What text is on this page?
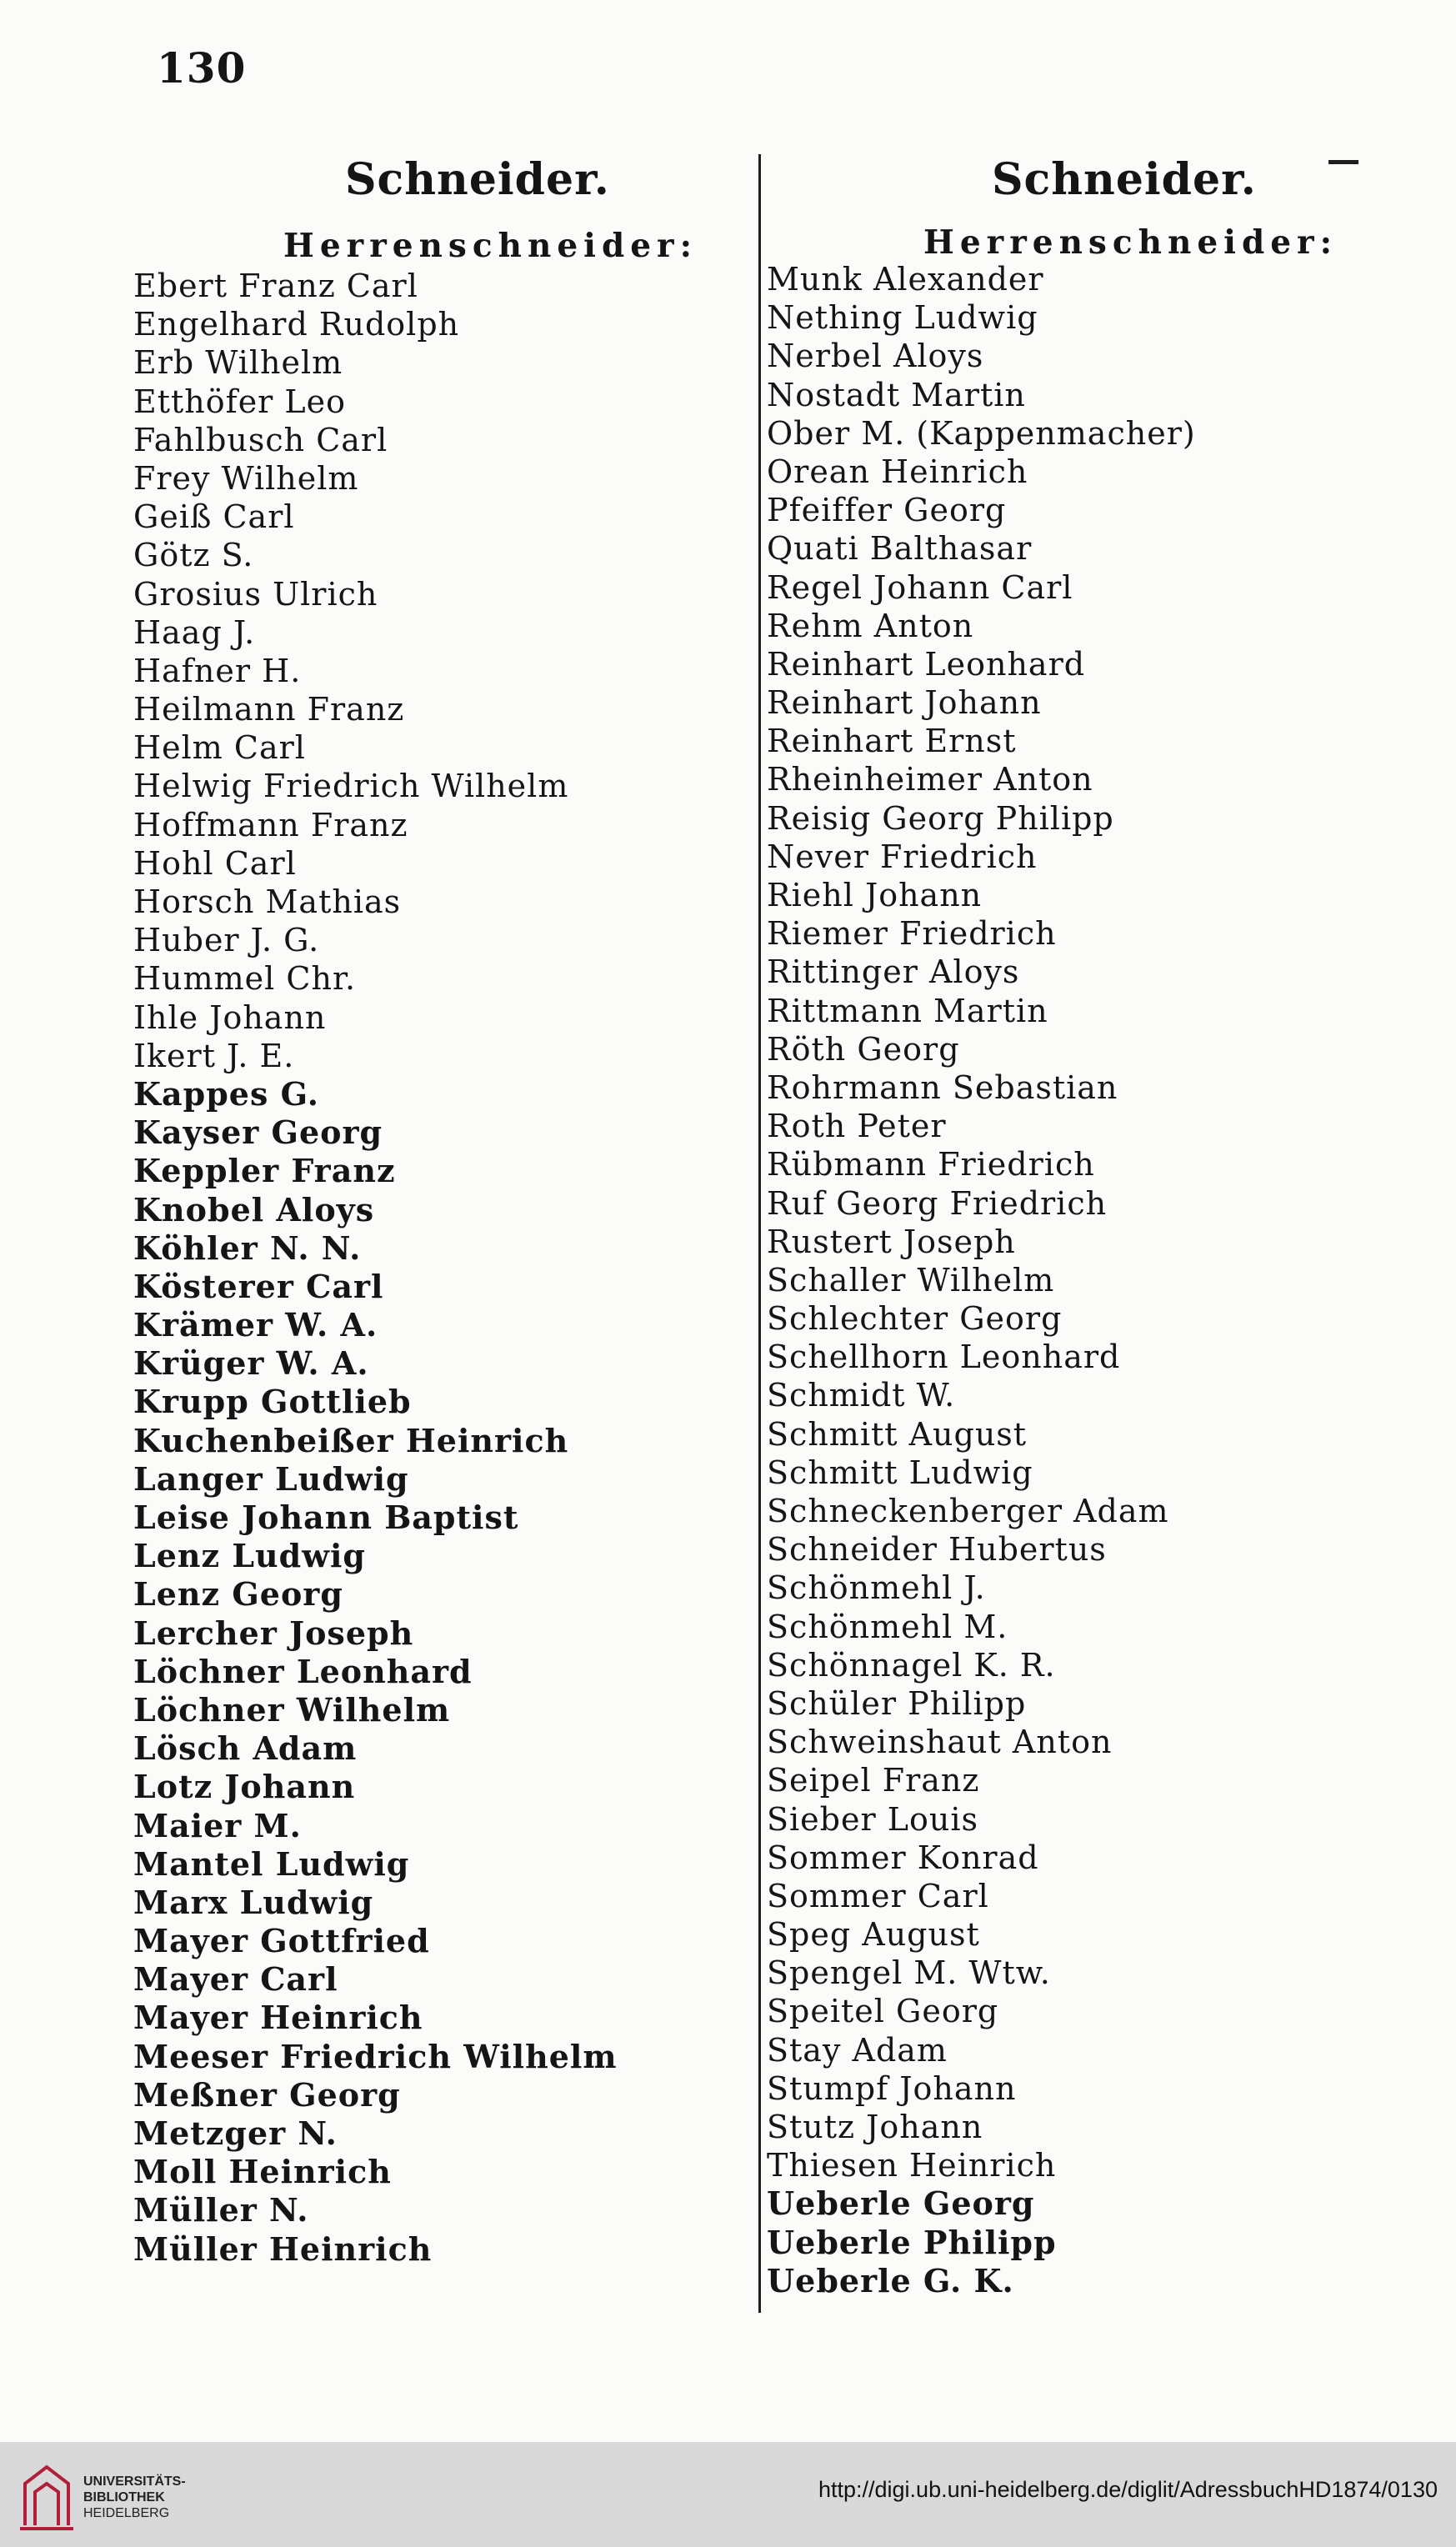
130
Schneider.
Herrenschneider:
Ebert Franz Carl
Engelhard Rudolph
Erb Wilhelm
Etthöfer Leo
Fahlbusch Carl
Frey Wilhelm
Geiß Carl
Götz S.
Grosius Ulrich
Haag J.
Hafner H.
Heilmann Franz
Helm Carl
Helwig Friedrich Wilhelm
Hoffmann Franz
Hohl Carl
Horsch Mathias
Huber J. G.
Hummel Chr.
Ihle Johann
Ikert J. E.
Kappes G.
Kayser Georg
Keppler Franz
Knobel Aloys
Köhler N. N.
Kösterer Carl
Krämer W. A.
Krüger W. A.
Krupp Gottlieb
Kuchenbeißer Heinrich
Langer Ludwig
Leise Johann Baptist
Lenz Ludwig
Lenz Georg
Lercher Joseph
Löchner Leonhard
Löchner Wilhelm
Lösch Adam
Lotz Johann
Maier M.
Mantel Ludwig
Marx Ludwig
Mayer Gottfried
Mayer Carl
Mayer Heinrich
Meeser Friedrich Wilhelm
Meßner Georg
Metzger N.
Moll Heinrich
Müller N.
Müller Heinrich
Schneider.
Herrenschneider:
Munk Alexander
Nething Ludwig
Nerbel Aloys
Nostadt Martin
Ober M. (Kappenmacher)
Orean Heinrich
Pfeiffer Georg
Quati Balthasar
Regel Johann Carl
Rehm Anton
Reinhart Leonhard
Reinhart Johann
Reinhart Ernst
Rheinheimer Anton
Reisig Georg Philipp
Never Friedrich
Riehl Johann
Riemer Friedrich
Rittinger Aloys
Rittmann Martin
Röth Georg
Rohrmann Sebastian
Roth Peter
Rübmann Friedrich
Ruf Georg Friedrich
Rustert Joseph
Schaller Wilhelm
Schlechter Georg
Schellhorn Leonhard
Schmidt W.
Schmitt August
Schmitt Ludwig
Schneckenberger Adam
Schneider Hubertus
Schönmehl J.
Schönmehl M.
Schönnagel K. R.
Schüler Philipp
Schweinshaut Anton
Seipel Franz
Sieber Louis
Sommer Konrad
Sommer Carl
Speg August
Spengel M. Wtw.
Speitel Georg
Stay Adam
Stumpf Johann
Stutz Johann
Thiesen Heinrich
Ueberle Georg
Ueberle Philipp
Ueberle G. K.
UNIVERSITÄTS-
BIBLIOTHEK
HEIDELBERG
http://digi.ub.uni-heidelberg.de/diglit/AdressbuchHD1874/0130
